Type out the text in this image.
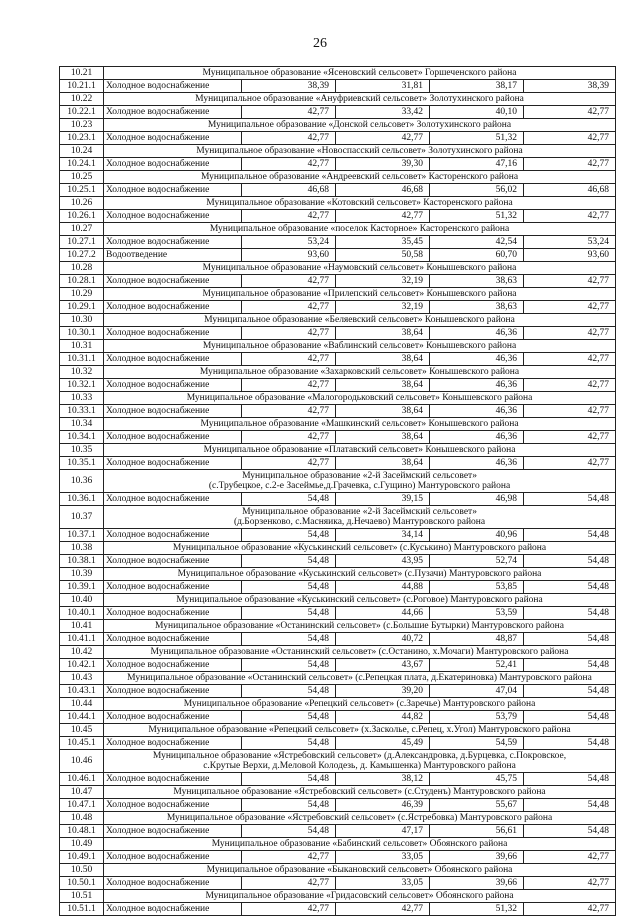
26
10.21	Муниципальное образование «Ясеновский сельсовет» Горшеченского района				
10.21.1	Холодное водоснабжение	38,39	31,81	38,17	38,39
10.22	Муниципальное образование «Ануфриевский сельсовет» Золотухинского района				
10.22.1	Холодное водоснабжение	42,77	33,42	40,10	42,77
10.23	Муниципальное образование «Донской сельсовет» Золотухинского района				
10.23.1	Холодное водоснабжение	42,77	42,77	51,32	42,77
10.24	Муниципальное образование «Новоспасский сельсовет» Золотухинского района				
10.24.1	Холодное водоснабжение	42,77	39,30	47,16	42,77
10.25	Муниципальное образование «Андреевский сельсовет» Касторенского района				
10.25.1	Холодное водоснабжение	46,68	46,68	56,02	46,68
10.26	Муниципальное образование «Котовский сельсовет» Касторенского района				
10.26.1	Холодное водоснабжение	42,77	42,77	51,32	42,77
10.27	Муниципальное образование «поселок Касторное» Касторенского района				
10.27.1	Холодное водоснабжение	53,24	35,45	42,54	53,24
10.27.2	Водоотведение	93,60	50,58	60,70	93,60
10.28	Муниципальное образование «Наумовский сельсовет» Конышевского района				
10.28.1	Холодное водоснабжение	42,77	32,19	38,63	42,77
10.29	Муниципальное образование «Прилепский сельсовет» Конышевского района				
10.29.1	Холодное водоснабжение	42,77	32,19	38,63	42,77
10.30	Муниципальное образование «Беляевский сельсовет» Конышевского района				
10.30.1	Холодное водоснабжение	42,77	38,64	46,36	42,77
10.31	Муниципальное образование «Ваблинский сельсовет» Конышевского района				
10.31.1	Холодное водоснабжение	42,77	38,64	46,36	42,77
10.32	Муниципальное образование «Захарковский сельсовет» Конышевского района				
10.32.1	Холодное водоснабжение	42,77	38,64	46,36	42,77
10.33	Муниципальное образование «Малогородьковский сельсовет» Конышевского района				
10.33.1	Холодное водоснабжение	42,77	38,64	46,36	42,77
10.34	Муниципальное образование «Машкинский сельсовет» Конышевского района				
10.34.1	Холодное водоснабжение	42,77	38,64	46,36	42,77
10.35	Муниципальное образование «Платавский сельсовет» Конышевского района				
10.35.1	Холодное водоснабжение	42,77	38,64	46,36	42,77
10.36	Муниципальное образование «2-й Засеймский сельсовет»
(с.Трубецкое, с.2-е Засеймье,д.Грачевка, с.Гущино) Мантуровского района				

10.36.1	Холодное водоснабжение	54,48	39,15	46,98	54,48
10.37	Муниципальное образование «2-й Засеймский сельсовет»
(д.Борзенково, с.Масняика, д.Нечаево) Мантуровского района				

10.37.1	Холодное водоснабжение	54,48	34,14	40,96	54,48
10.38	Муниципальное образование «Куськинский сельсовет» (с.Куськино) Мантуровского района				
10.38.1	Холодное водоснабжение	54,48	43,95	52,74	54,48
10.39	Муниципальное образование «Куськинский сельсовет» (с.Пузачи) Мантуровского района				
10.39.1	Холодное водоснабжение	54,48	44,88	53,85	54,48
10.40	Муниципальное образование «Куськинский сельсовет» (с.Роговое) Мантуровского района				
10.40.1	Холодное водоснабжение	54,48	44,66	53,59	54,48
10.41	Муниципальное образование «Останинский сельсовет» (с.Большие Бутырки) Мантуровского района				
10.41.1	Холодное водоснабжение	54,48	40,72	48,87	54,48
10.42	Муниципальное образование «Останинский сельсовет» (с.Останино, х.Мочаги) Мантуровского района				
10.42.1	Холодное водоснабжение	54,48	43,67	52,41	54,48
10.43	Муниципальное образование «Останинский сельсовет» (с.Репецкая плата, д.Екатериновка) Мантуровского района				
10.43.1	Холодное водоснабжение	54,48	39,20	47,04	54,48
10.44	Муниципальное образование «Репецкий сельсовет» (с.Заречье) Мантуровского района				
10.44.1	Холодное водоснабжение	54,48	44,82	53,79	54,48
10.45	Муниципальное образование «Репецкий сельсовет» (х.Засколье, с.Репец, х.Угол) Мантуровского района				
10.45.1	Холодное водоснабжение	54,48	45,49	54,59	54,48
10.46	Муниципальное образование «Ястребовский сельсовет» (д.Александровка, д.Бурцевка, с.Покровское,
с.Крутые Верхи, д.Меловой Колодезь, д. Камышенка) Мантуровского района				

10.46.1	Холодное водоснабжение	54,48	38,12	45,75	54,48
10.47	Муниципальное образование «Ястребовский сельсовет» (с.Студенъ) Мантуровского района				
10.47.1	Холодное водоснабжение	54,48	46,39	55,67	54,48
10.48	Муниципальное образование «Ястребовский сельсовет» (с.Ястребовка) Мантуровского района				
10.48.1	Холодное водоснабжение	54,48	47,17	56,61	54,48
10.49	Муниципальное образование «Бабинский сельсовет» Обоянского района				
10.49.1	Холодное водоснабжение	42,77	33,05	39,66	42,77
10.50	Муниципальное образование «Быкановский сельсовет» Обоянского района				
10.50.1	Холодное водоснабжение	42,77	33,05	39,66	42,77
10.51	Муниципальное образование «Гридасовский сельсовет» Обоянского района				
10.51.1	Холодное водоснабжение	42,77	42,77	51,32	42,77
